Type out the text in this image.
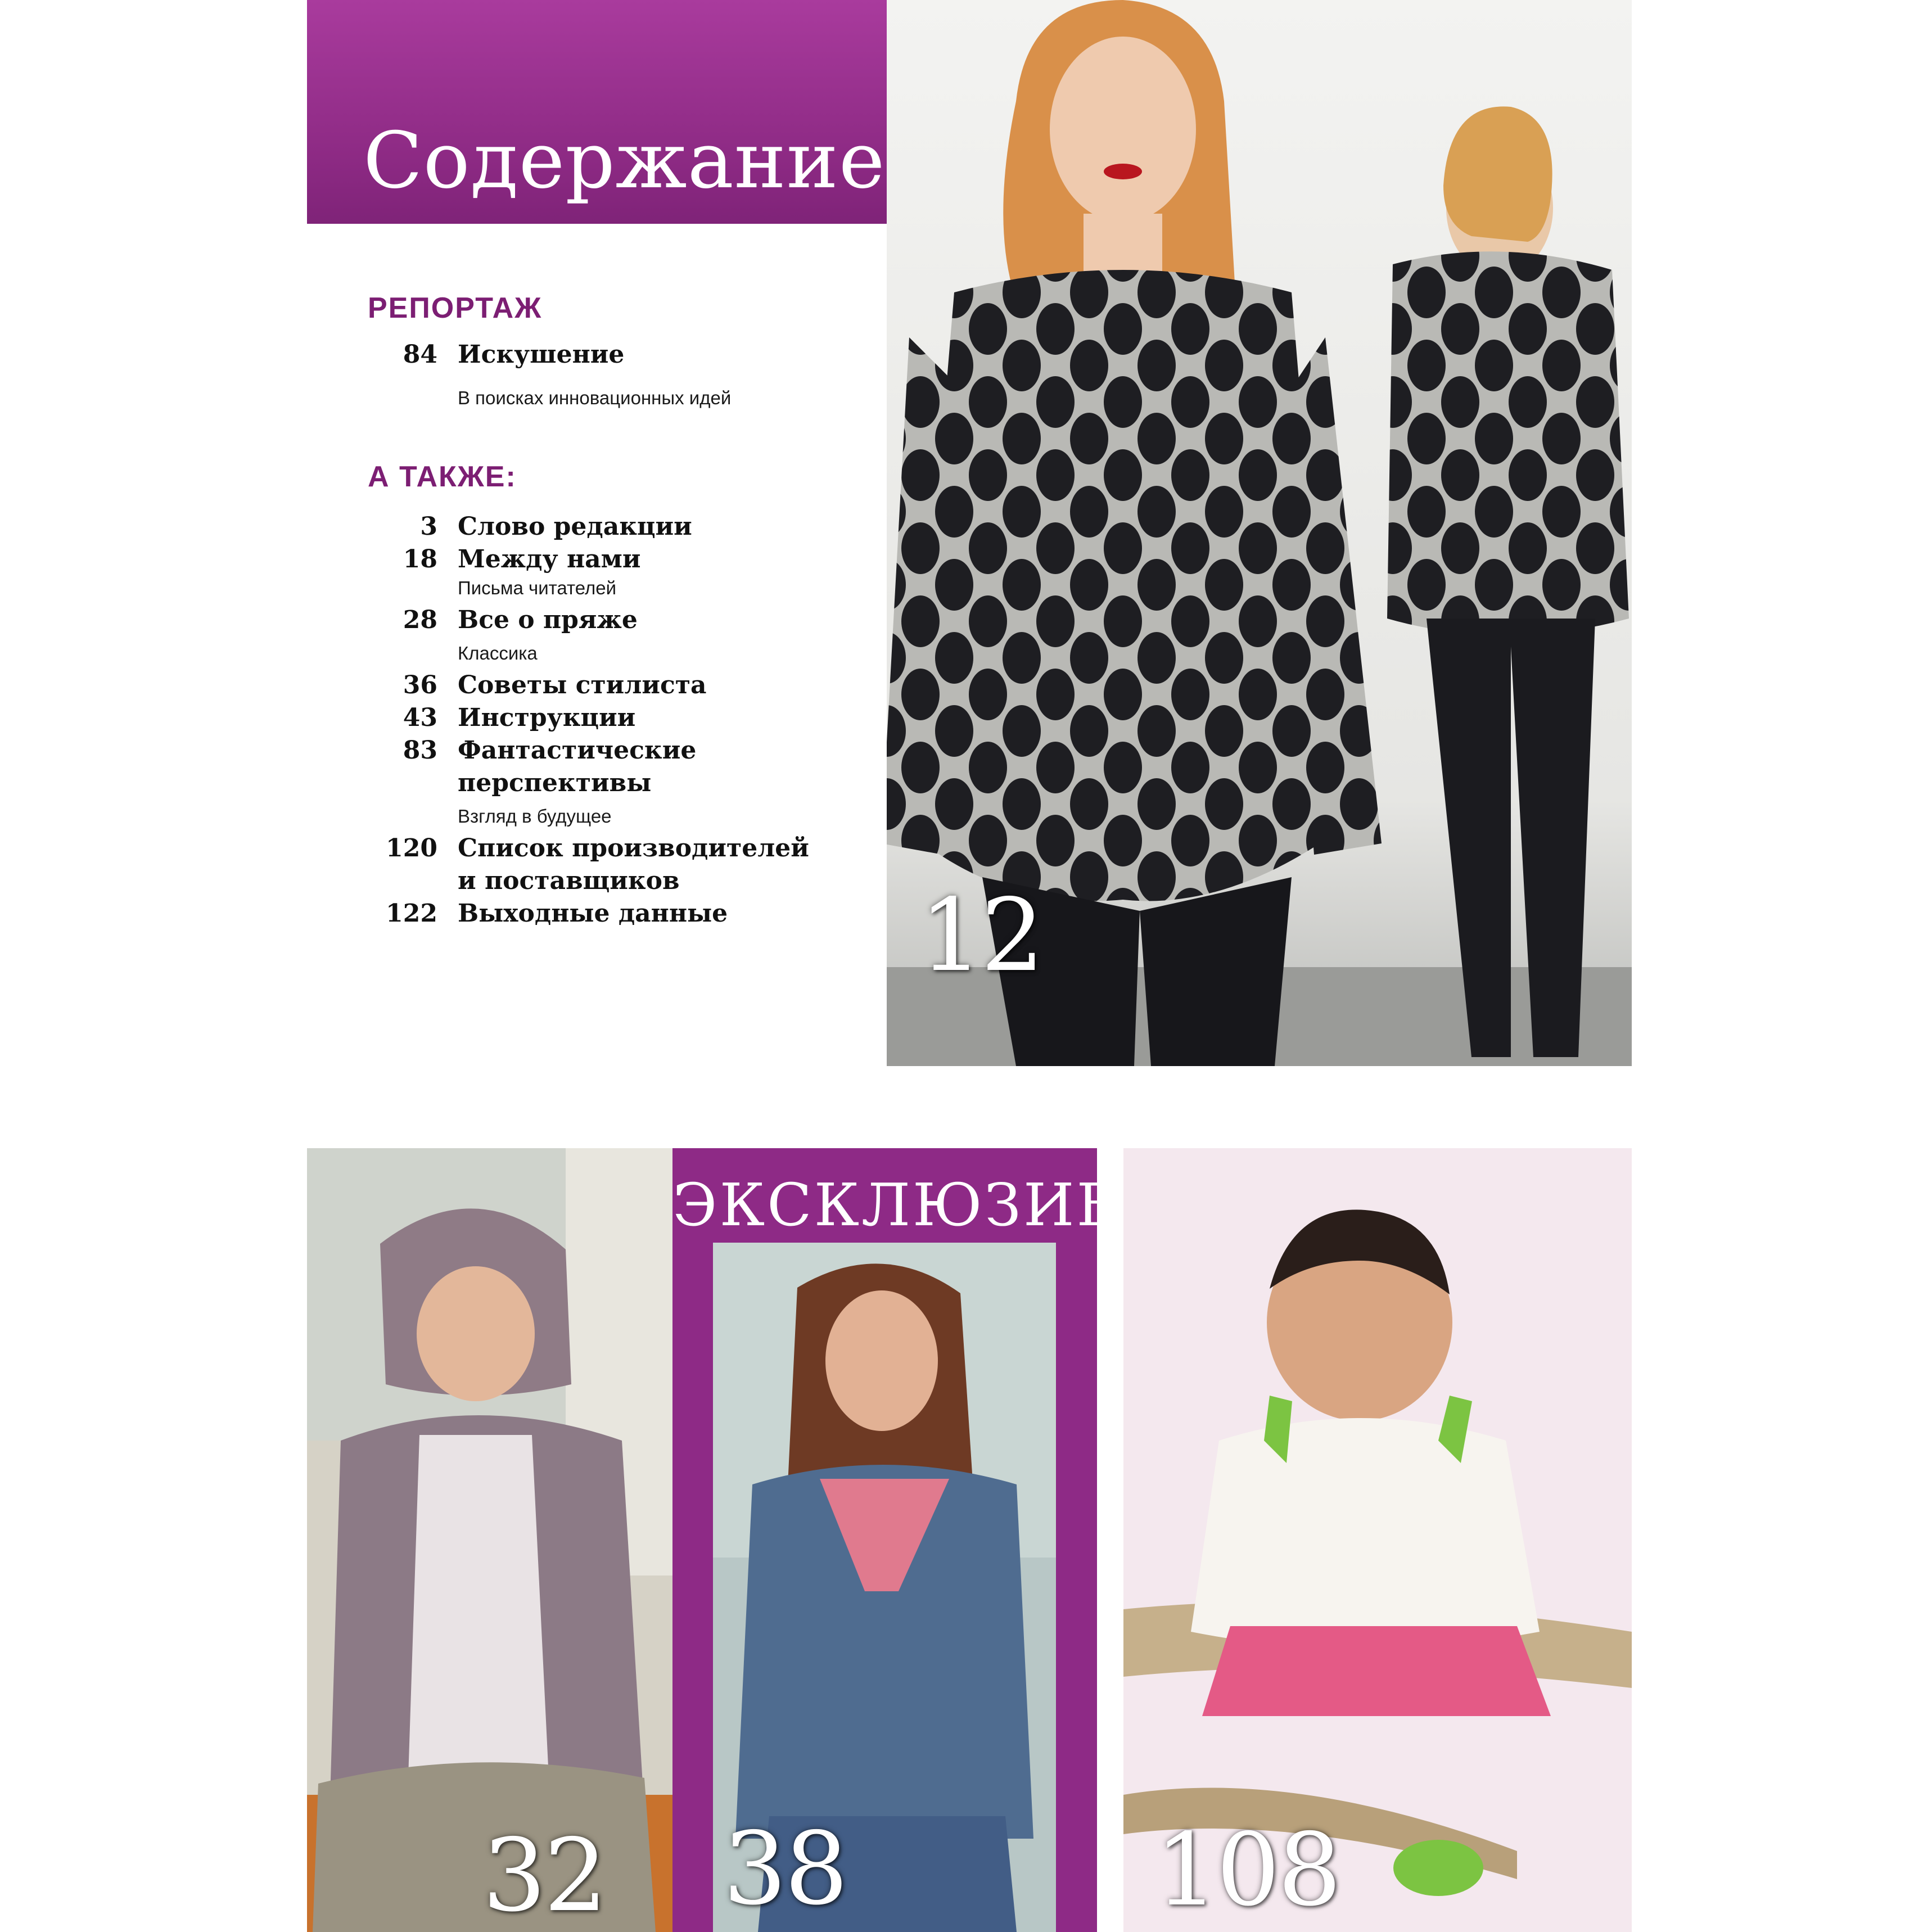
Содержание
РЕПОРТАЖ
84 Искушение
В поисках инновационных идей
А ТАКЖЕ:
3 Слово редакции
18 Между нами
Письма читателей
28 Все о пряже
Классика
36 Советы стилиста
43 Инструкции
83 Фантастические
перспективы
Взгляд в будущее
120 Список производителей
и поставщиков
122 Выходные данные	12
32
ЭКСКЛЮЗИВ
38	108
